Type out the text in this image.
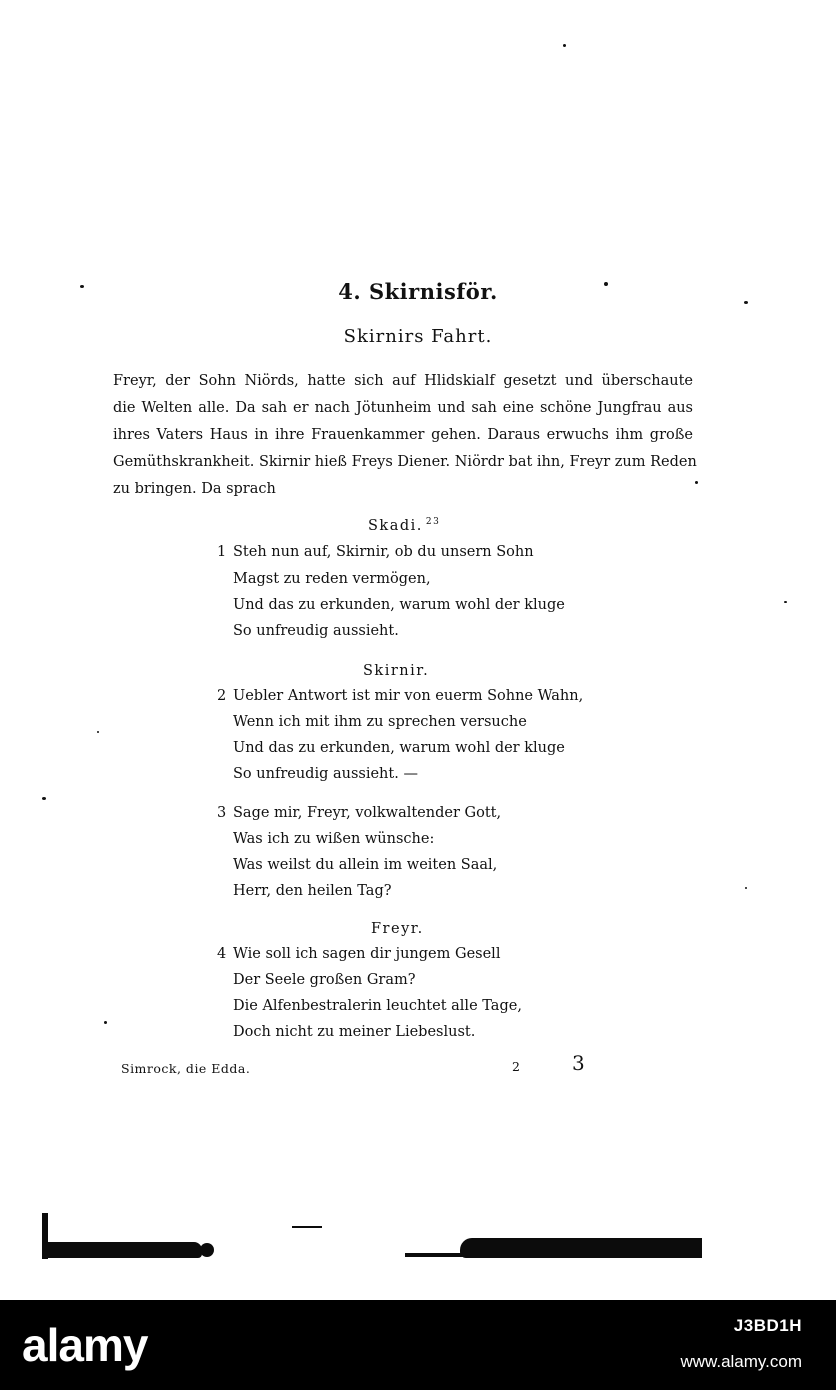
4. Skirnisför.
Skirnirs Fahrt.
Freyr, der Sohn Niörds, hatte sich auf Hlidskialf gesetzt und überschaute
die Welten alle. Da sah er nach Jötunheim und sah eine schöne Jungfrau aus
ihres Vaters Haus in ihre Frauenkammer gehen. Daraus erwuchs ihm große
Gemüthskrankheit. Skirnir hieß Freys Diener. Niördr bat ihn, Freyr zum Reden
zu bringen. Da sprach
Skadi. $^{23}$
1 Steh nun auf, Skirnir, ob du unsern Sohn
Magst zu reden vermögen,
Und das zu erkunden, warum wohl der kluge
So unfreudig aussieht.
Skirnir.
2 Uebler Antwort ist mir von euerm Sohne Wahn,
Wenn ich mit ihm zu sprechen versuche
Und das zu erkunden, warum wohl der kluge
So unfreudig aussieht. —
3 Sage mir, Freyr, volkwaltender Gott,
Was ich zu wißen wünsche:
Was weilst du allein im weiten Saal,
Herr, den heilen Tag?
Freyr.
4 Wie soll ich sagen dir jungem Gesell
Der Seele großen Gram?
Die Alfenbestralerin leuchtet alle Tage,
Doch nicht zu meiner Liebeslust.
Simrock, die Edda.	2	3
alamy	J3BD1H
www.alamy.com
